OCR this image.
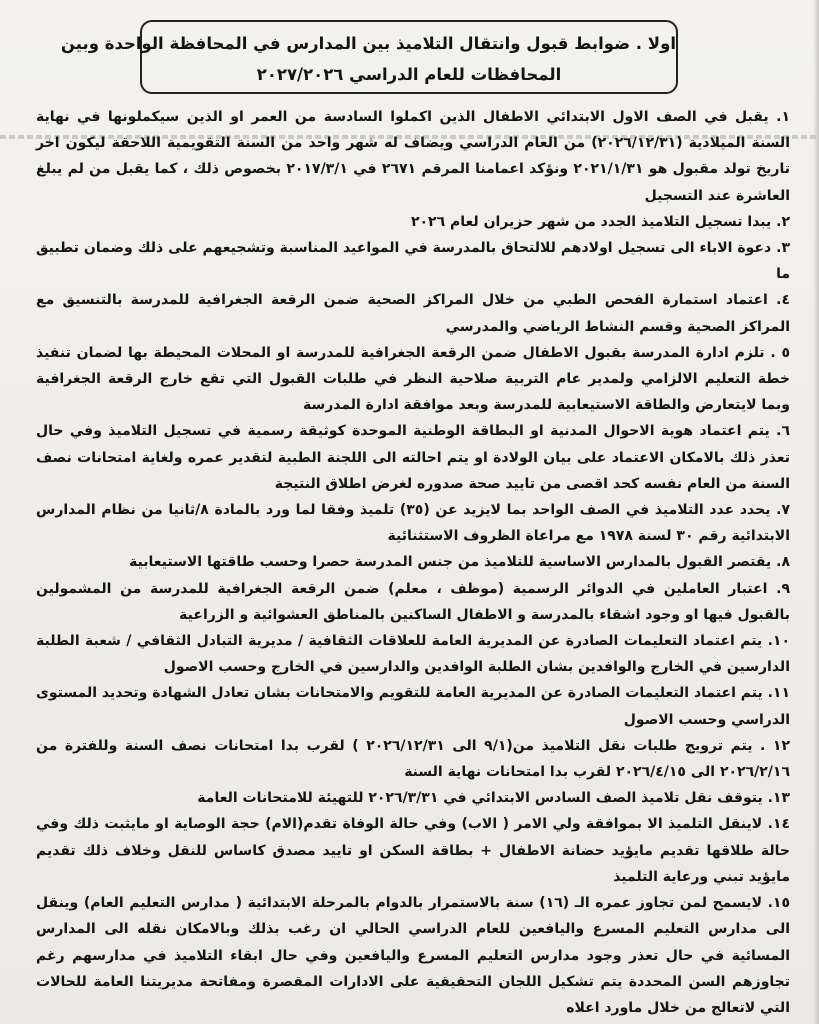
اولا . ضوابط قبول وانتقال التلاميذ بين المدارس في المحافظة الواحدة وبين
المحافظات للعام الدراسي ٢٠٢٧/٢٠٢٦

١. يقبل في الصف الاول الابتدائي الاطفال الذين اكملوا السادسة من العمر او الذين سيكملونها في نهاية السنة الميلادية (٢٠٢٦/١٢/٣١) من العام الدراسي ويضاف له شهر واحد من السنة التقويمية اللاحقة ليكون اخر تاريخ تولد مقبول هو ٢٠٢١/١/٣١ ونؤكد اعمامنا المرقم ٢٦٧١ في ٢٠١٧/٣/١ بخصوص ذلك ، كما يقبل من لم يبلغ العاشرة عند التسجيل

٢. يبدا تسجيل التلاميذ الجدد من شهر حزيران لعام ٢٠٢٦

٣. دعوة الاباء الى تسجيل اولادهم للالتحاق بالمدرسة في المواعيد المناسبة وتشجيعهم على ذلك وضمان تطبيق ما

٤. اعتماد استمارة الفحص الطبي من خلال المراكز الصحية ضمن الرقعة الجغرافية للمدرسة بالتنسيق مع المراكز الصحية وقسم النشاط الرياضي والمدرسي

٥ . تلزم ادارة المدرسة بقبول الاطفال ضمن الرقعة الجغرافية للمدرسة او المحلات المحيطة بها لضمان تنفيذ خطة التعليم الالزامي ولمدير عام التربية صلاحية النظر في طلبات القبول التي تقع خارج الرقعة الجغرافية وبما لايتعارض والطاقة الاستيعابية للمدرسة وبعد موافقة ادارة المدرسة

٦. يتم اعتماد هوية الاحوال المدنية او البطاقة الوطنية الموحدة كوثيقة رسمية في تسجيل التلاميذ وفي حال تعذر ذلك بالامكان الاعتماد على بيان الولادة او يتم احالته الى اللجنة الطبية لتقدير عمره ولغاية امتحانات نصف السنة من العام نفسه كحد اقصى من تاييد صحة صدوره لغرض اطلاق النتيجة

٧. يحدد عدد التلاميذ في الصف الواحد بما لايزيد عن (٣٥) تلميذ وفقا لما ورد بالمادة ٨/ثانيا من نظام المدارس الابتدائية رقم ٣٠ لسنة ١٩٧٨ مع مراعاة الظروف الاستثنائية

٨. يقتصر القبول بالمدارس الاساسية للتلاميذ من جنس المدرسة حصرا وحسب طاقتها الاستيعابية

٩. اعتبار العاملين في الدوائر الرسمية (موظف ، معلم) ضمن الرقعة الجغرافية للمدرسة من المشمولين بالقبول فيها او وجود اشقاء بالمدرسة و الاطفال الساكنين بالمناطق العشوائية و الزراعية

١٠. يتم اعتماد التعليمات الصادرة عن المديرية العامة للعلاقات الثقافية / مديرية التبادل الثقافي / شعبة الطلبة الدارسين في الخارج والوافدين بشان الطلبة الوافدين والدارسين في الخارج وحسب الاصول

١١. يتم اعتماد التعليمات الصادرة عن المديرية العامة للتقويم والامتحانات بشان تعادل الشهادة وتحديد المستوى الدراسي وحسب الاصول

١٢ . يتم ترويج طلبات نقل التلاميذ من(٩/١ الى ٢٠٢٦/١٢/٣١ ) لقرب بدا امتحانات نصف السنة وللفترة من ٢٠٢٦/٢/١٦ الى ٢٠٢٦/٤/١٥ لقرب بدا امتحانات نهاية السنة

١٣. يتوقف نقل تلاميذ الصف السادس الابتدائي في ٢٠٢٦/٣/٣١ للتهيئة للامتحانات العامة

١٤. لاينقل التلميذ الا بموافقة ولي الامر ( الاب) وفي حالة الوفاة تقدم(الام) حجة الوصاية او مايثبت ذلك وفي حالة طلاقها تقديم مايؤيد حضانة الاطفال + بطاقة السكن او تاييد مصدق كاساس للنقل وخلاف ذلك تقديم مايؤيد تبني ورعاية التلميذ

١٥. لايسمح لمن تجاوز عمره الـ (١٦) سنة بالاستمرار بالدوام بالمرحلة الابتدائية ( مدارس التعليم العام) وينقل الى مدارس التعليم المسرع واليافعين للعام الدراسي الحالي ان رغب بذلك وبالامكان نقله الى المدارس المسائية في حال تعذر وجود مدارس التعليم المسرع واليافعين وفي حال ابقاء التلاميذ في مدارسهم رغم تجاوزهم السن المحددة يتم تشكيل اللجان التحقيقية على الادارات المقصرة ومفاتحة مديريتنا العامة للحالات التي لاتعالج من خلال ماورد اعلاه
